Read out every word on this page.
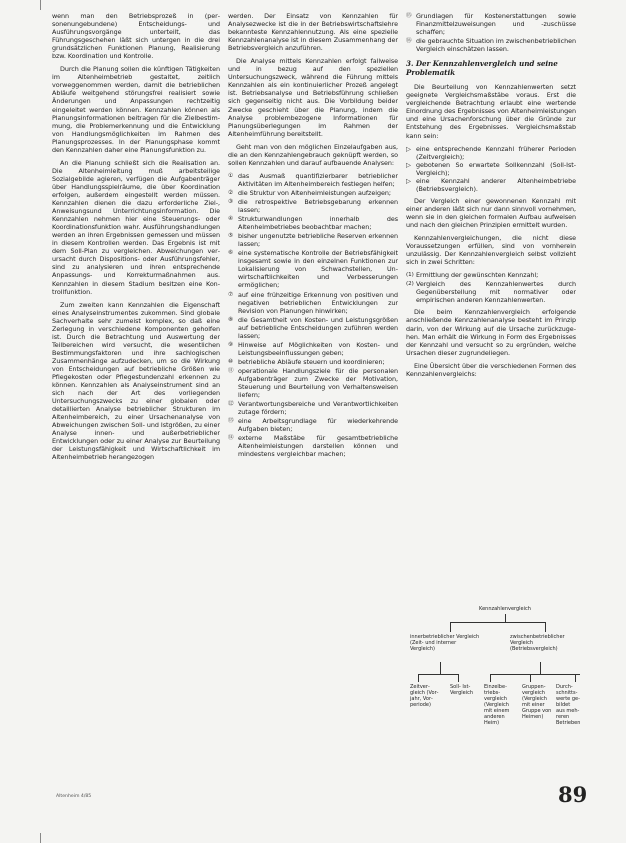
wenn man den Betriebsprozeß in (personenungebundene) Entscheidungs- und Ausführungsvorgänge unterteilt, das Führungsgeschehen läßt sich untergen in die drei grundsätzlichen Funktionen Planung, Realisierung bzw. Koordination und Kontrolle.

Durch die Planung sollen die künftigen Tätigkeiten im Altenheimbetrieb gestaltet, zeitlich vorweggenommen werden, damit die betrieblichen Abläufe weitgehend störungsfrei realisiert sowie Änderungen und Anpassungen rechtzeitig eingeleitet werden können. Kennzahlen können als Planungsinformationen beitragen für die Zielbestimmung, die Problemerkennung und die Entwicklung von Handlungsmöglichkeiten im Rahmen des Planungsprozesses. In der Planungsphase kommt den Kennzahlen daher eine Planungsfunktion zu.

An die Planung schließt sich die Realisation an. Die Altenheimleitung muß arbeitsteilige Sozialgebilde agieren, verfügen die Aufgabenträger über Handlungsspielräume, die über Koordination erfolgen, außerdem eingestellt werden müssen. Kennzahlen dienen die dazu erforderliche Ziel-, Anweisungsund Unterrichtungsinformation. Die Kennzahlen nehmen hier eine Steuerungs- oder Koordinationsfunktion wahr. Ausführungshandlungen werden an ihren Ergebnissen gemessen und müssen in diesem Kontrollen werden. Das Ergebnis ist mit dem Soll-Plan zu vergleichen. Abweichungen verursacht durch Dispositions- oder Ausführungsfehler, sind zu analysieren und ihren entsprechende Anpassungs- und Korrekturmaßnahmen aus. Kennzahlen in diesem Stadium besitzen eine Kontrollfunktion.

Zum zweiten kann Kennzahlen die Eigenschaft eines Analyseinstrumentes zukommen. Sind globale Sachverhalte sehr zumeist komplex, so daß eine Zerlegung in verschiedene Komponenten geholfen ist. Durch die Betrachtung und Auswertung der Teilbereichen wird versucht, die wesentlichen Bestimmungsfaktoren und ihre sachlogischen Zusammenhänge aufzudecken, um so die Wirkung von Entscheidungen auf betriebliche Größen wie Pflegekosten oder Pflegestundenzahl erkennen zu können. Kennzahlen als Analyseinstrument sind an sich nach der Art des vorliegenden Untersuchungszwecks zu einer globalen oder detaillierten Analyse betrieblicher Strukturen im Altenheimbereich, zu einer Ursachenanalyse von Abweichungen zwischen Soll- und Istgrößen, zu einer Analyse innen- und außerbetrieblicher Entwicklungen oder zu einer Analyse zur Beurteilung der Leistungsfähigkeit und Wirtschaftlichkeit im Altenheimbetrieb herangezogen

werden. Der Einsatz von Kennzahlen für Analysezwecke ist die in der Betriebswirtschaftslehre bekannteste Kennzahlennutzung. Als eine spezielle Kennzahlenanalyse ist in diesem Zusammenhang der Betriebsvergleich anzuführen.

Die Analyse mittels Kennzahlen erfolgt fallweise und in bezug auf den speziellen Untersuchungszweck, während die Führung mittels Kennzahlen als ein kontinuierlicher Prozeß angelegt ist. Betriebsanalyse und Betriebsführung schließen sich gegenseitig nicht aus. Die Vorbildung beider Zwecke geschieht über die Planung, indem die Analyse problembezogene Informationen für Planungsüberlegungen im Rahmen der Altenheimführung bereitstellt.

Geht man von den möglichen Einzelaufgaben aus, die an den Kennzahlengebrauch geknüpft werden, so sollen Kennzahlen und darauf aufbauende Analysen:

① das Ausmaß quantifizierbarer betrieblicher Aktivitäten im Altenheimbereich festlegen helfen;
② die Struktur von Altenheimleistungen aufzeigen;
③ die retrospektive Betriebsgebarung erkennen lassen;
④ Strukturwandlungen innerhalb des Altenheimbetriebes beobachtbar machen;
⑤ bisher ungenutzte betriebliche Reserven erkennen lassen;
⑥ eine systematische Kontrolle der Betriebsfähigkeit insgesamt sowie in den einzelnen Funktionen zur Lokalisierung von Schwachstellen, Unwirtschaftlichkeiten und Verbesserungen ermöglichen;
⑦ auf eine frühzeitige Erkennung von positiven und negativen betrieblichen Entwicklungen zur Revision von Planungen hinwirken;
⑧ die Gesamtheit von Kosten- und Leistungsgrößen auf betriebliche Entscheidungen zuführen werden lassen;
⑨ Hinweise auf Möglichkeiten von Kosten- und Leistungsbeeinflussungen geben;
⑩ betriebliche Abläufe steuern und koordinieren;
⑪ operationale Handlungsziele für die personalen Aufgabenträger zum Zwecke der Motivation, Steuerung und Beurteilung von Verhaltensweisen liefern;
⑫ Verantwortungsbereiche und Verantwortlichkeiten zutage fördern;
⑬ eine Arbeitsgrundlage für wiederkehrende Aufgaben bieten;
⑭ externe Maßstäbe für gesamtbetriebliche Altenheimleistungen darstellen können und mindestens vergleichbar machen;
⑮ Grundlagen für Kostenerstattungen sowie Finanzmittelzuweisungen und -zuschüsse schaffen;
⑯ die gebrauchte Situation im zwischenbetrieblichen Vergleich einschätzen lassen.
3. Der Kennzahlenvergleich und seine Problematik

Die Beurteilung von Kennzahlenwerten setzt geeignete Vergleichsmaßstäbe voraus. Erst die vergleichende Betrachtung erlaubt eine wertende Einordnung des Ergebnisses von Altenheimleistungen und eine Ursachenforschung über die Gründe zur Entstehung des Ergebnisses. Vergleichsmaßstab kann sein:

▷ eine entsprechende Kennzahl früherer Perioden (Zeitvergleich);
▷ gebotenen So erwartete Sollkennzahl (Soll-Ist-Vergleich);
▷ eine Kennzahl anderer Altenheimbetriebe (Betriebsvergleich).

Der Vergleich einer gewonnenen Kennzahl mit einer anderen läßt sich nur dann sinnvoll vornehmen, wenn sie in den gleichen formalen Aufbau aufweisen und nach den gleichen Prinzipien ermittelt wurden.

Kennzahlenvergleichungen, die nicht diese Voraussetzungen erfüllen, sind von vornherein unzulässig. Der Kennzahlenvergleich selbst vollzieht sich in zwei Schritten:

(1) Ermittlung der gewünschten Kennzahl;
(2) Vergleich des Kennzahlenwertes durch Gegenüberstellung mit normativer oder empirischen anderen Kennzahlenwerten.

Die beim Kennzahlenvergleich erfolgende anschließende Kennzahlenanalyse besteht im Prinzip darin, von der Wirkung auf die Ursache zurückzugehen. Man erhält die Wirkung in Form des Ergebnisses der Kennzahl und versucht so zu ergründen, welche Ursachen dieser zugrundeliegen.

Eine Übersicht über die verschiedenen Formen des Kennzahlenvergleichs:

Kennzahlenvergleich
innerbetrieblicher Vergleich (Zeit- und interner Vergleich)
zwischenbetrieblicher Vergleich (Betriebsvergleich)
Zeitvergleich (Vorjahr, Vorperiode)
Soll- Ist- Vergleich
Einzelbetriebsvergleich (Vergleich mit einem anderen Heim)
Gruppenvergleich (Vergleich mit einer Gruppe von Heimen)
Durchschnittswerte gebildet aus mehreren Betrieben
89
Altenheim 4/85
